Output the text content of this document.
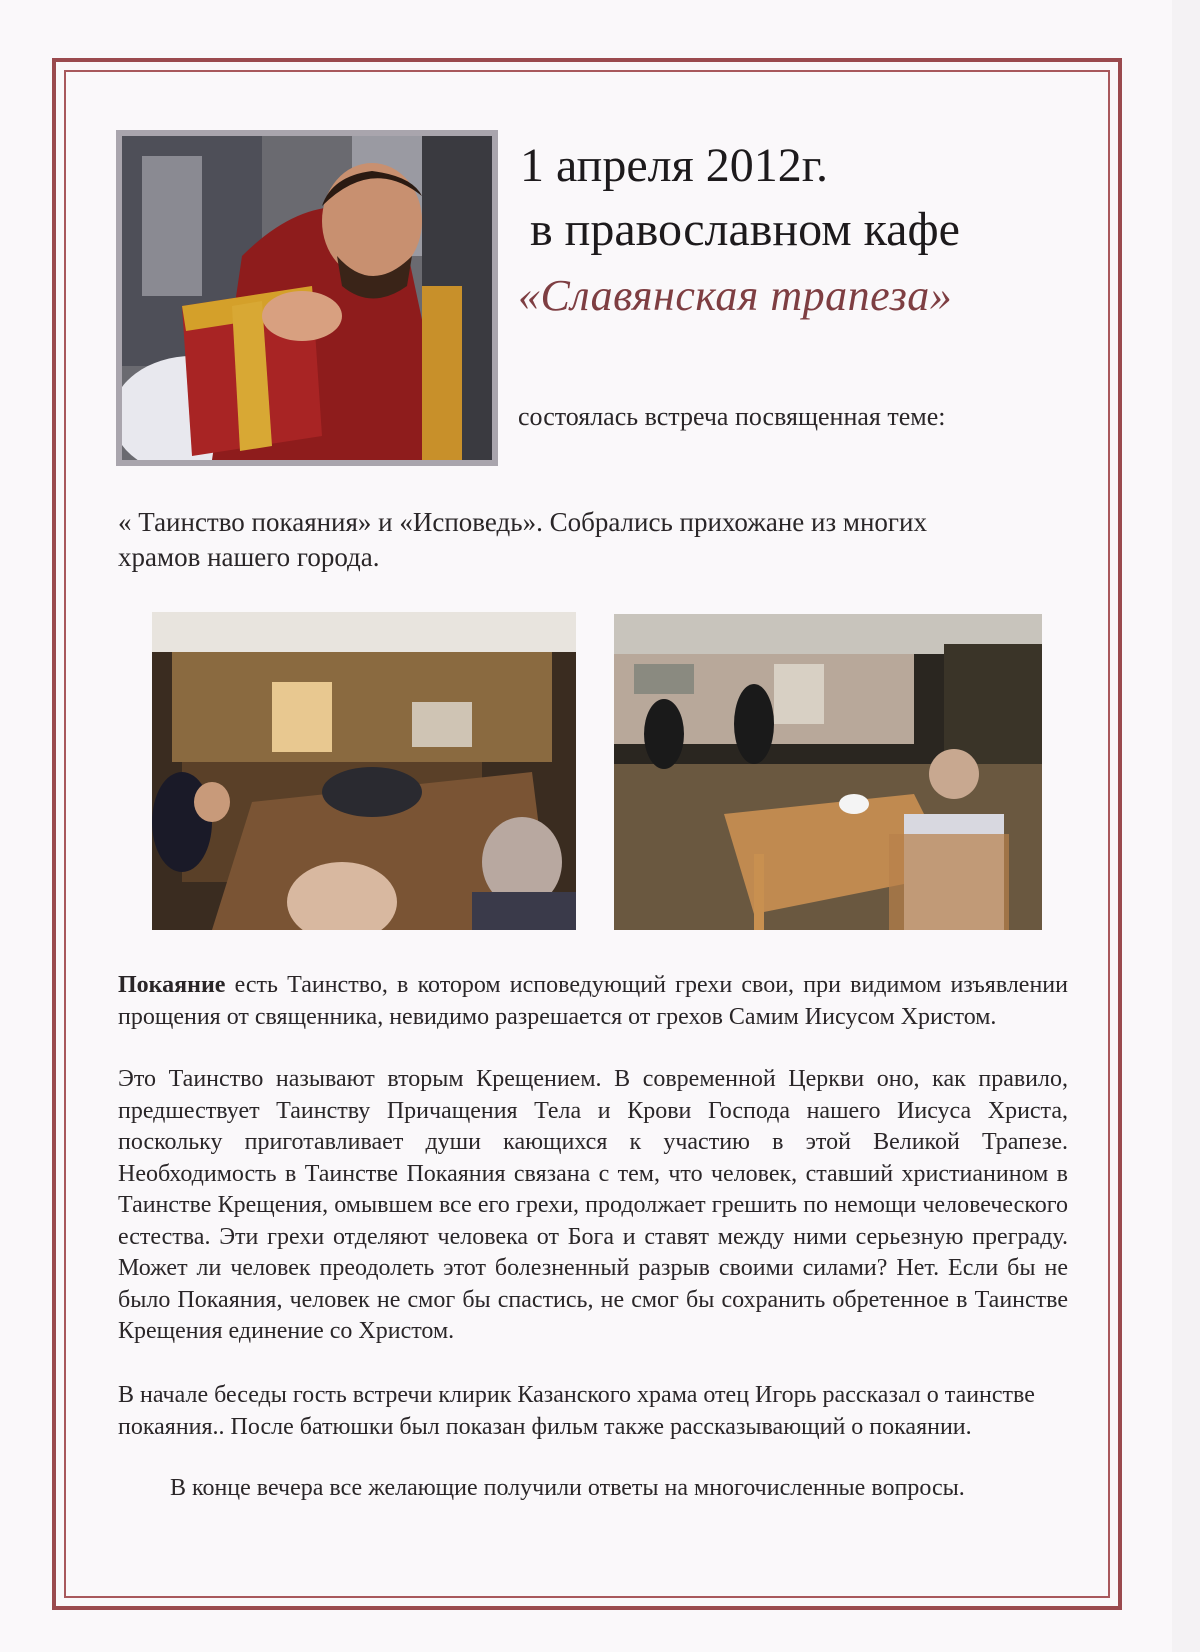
1 апреля 2012г.
в православном кафе
«Славянская трапеза»
состоялась встреча посвященная теме:
« Таинство покаяния» и «Исповедь». Собрались прихожане из многих храмов нашего города.
Покаяние есть Таинство, в котором исповедующий грехи свои, при видимом изъявлении прощения от священника, невидимо разрешается от грехов Самим Иисусом Христом.
Это Таинство называют вторым Крещением. В современной Церкви оно, как правило, предшествует Таинству Причащения Тела и Крови Господа нашего Иисуса Христа, поскольку приготавливает души кающихся к участию в этой Великой Трапезе. Необходимость в Таинстве Покаяния связана с тем, что человек, ставший христианином в Таинстве Крещения, омывшем все его грехи, продолжает грешить по немощи человеческого естества. Эти грехи отделяют человека от Бога и ставят между ними серьезную преграду. Может ли человек преодолеть этот болезненный разрыв своими силами? Нет. Если бы не было Покаяния, человек не смог бы спастись, не смог бы сохранить обретенное в Таинстве Крещения единение со Христом.
В начале беседы гость встречи клирик Казанского храма отец Игорь рассказал о таинстве покаяния.. После батюшки был показан фильм также рассказывающий о покаянии.
В конце вечера все желающие получили ответы на многочисленные вопросы.
